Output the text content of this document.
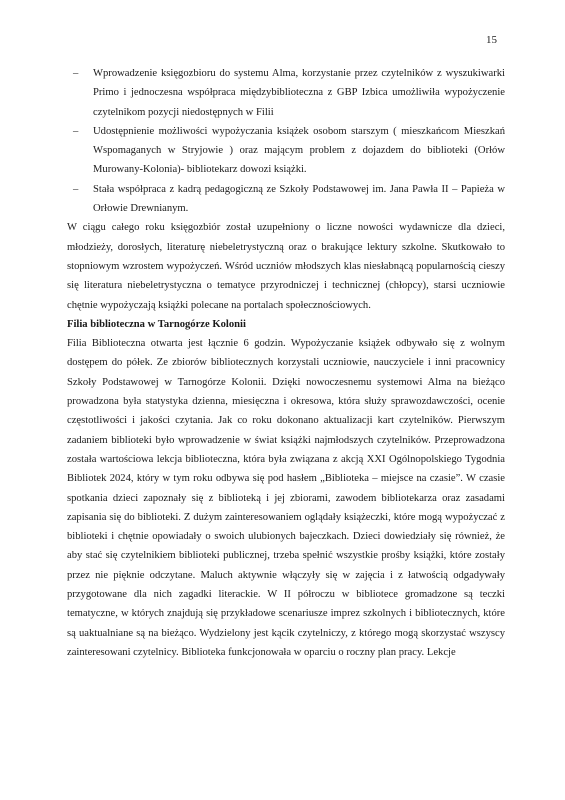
15
– Wprowadzenie księgozbioru do systemu Alma, korzystanie przez czytelników z wyszukiwarki Primo i jednoczesna współpraca międzybiblioteczna z GBP Izbica umożliwiła wypożyczenie czytelnikom pozycji niedostępnych w Filii
– Udostępnienie możliwości wypożyczania książek osobom starszym ( mieszkańcom Mieszkań Wspomaganych w Stryjowie ) oraz mającym problem z dojazdem do biblioteki (Orłów Murowany-Kolonia)- bibliotekarz dowozi książki.
– Stała współpraca z kadrą pedagogiczną ze Szkoły Podstawowej im. Jana Pawła II – Papieża w Orłowie Drewnianym.

W ciągu całego roku księgozbiór został uzupełniony o liczne nowości wydawnicze dla dzieci, młodzieży, dorosłych, literaturę niebeletrystyczną oraz o brakujące lektury szkolne. Skutkowało to stopniowym wzrostem wypożyczeń. Wśród uczniów młodszych klas niesłabnącą popularnością cieszy się literatura niebeletrystyczna o tematyce przyrodniczej i technicznej (chłopcy), starsi uczniowie chętnie wypożyczają książki polecane na portalach społecznościowych.

Filia biblioteczna w Tarnogórze Kolonii

Filia Biblioteczna otwarta jest łącznie 6 godzin. Wypożyczanie książek odbywało się z wolnym dostępem do półek. Ze zbiorów bibliotecznych korzystali uczniowie, nauczyciele i inni pracownicy Szkoły Podstawowej w Tarnogórze Kolonii. Dzięki nowoczesnemu systemowi Alma na bieżąco prowadzona była statystyka dzienna, miesięczna i okresowa, która służy sprawozdawczości, ocenie częstotliwości i jakości czytania. Jak co roku dokonano aktualizacji kart czytelników. Pierwszym zadaniem biblioteki było wprowadzenie w świat książki najmłodszych czytelników. Przeprowadzona została wartościowa lekcja biblioteczna, która była związana z akcją XXI Ogólnopolskiego Tygodnia Bibliotek 2024, który w tym roku odbywa się pod hasłem „Biblioteka – miejsce na czasie”. W czasie spotkania dzieci zapoznały się z biblioteką i jej zbiorami, zawodem bibliotekarza oraz zasadami zapisania się do biblioteki. Z dużym zainteresowaniem oglądały książeczki, które mogą wypożyczać z biblioteki i chętnie opowiadały o swoich ulubionych bajeczkach. Dzieci dowiedziały się również, że aby stać się czytelnikiem biblioteki publicznej, trzeba spełnić wszystkie prośby książki, które zostały przez nie pięknie odczytane. Maluch aktywnie włączyły się w zajęcia i z łatwością odgadywały przygotowane dla nich zagadki literackie. W II półroczu w bibliotece gromadzone są teczki tematyczne, w których znajdują się przykładowe scenariusze imprez szkolnych i bibliotecznych, które są uaktualniane są na bieżąco. Wydzielony jest kącik czytelniczy, z którego mogą skorzystać wszyscy zainteresowani czytelnicy. Biblioteka funkcjonowała w oparciu o roczny plan pracy. Lekcje
